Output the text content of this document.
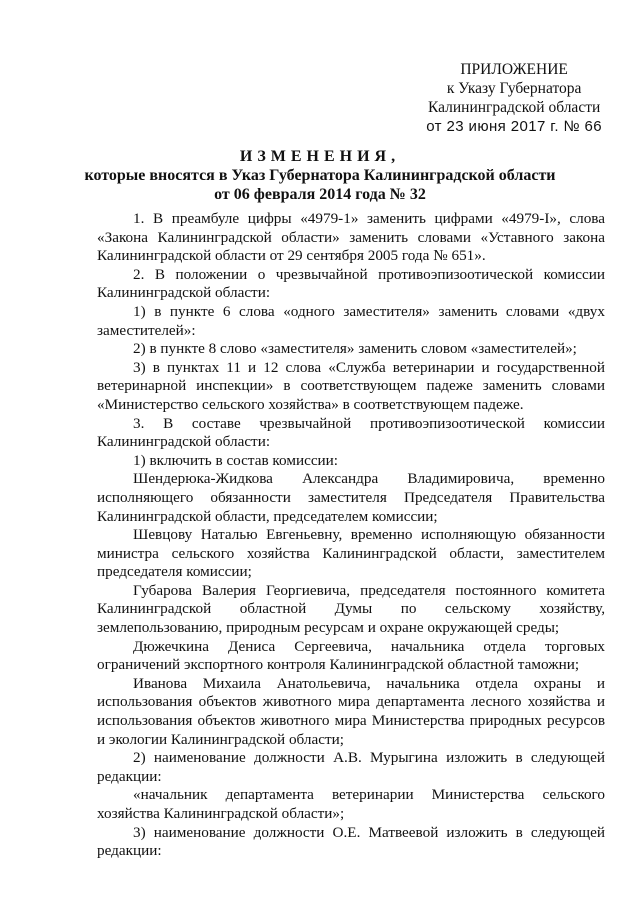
ПРИЛОЖЕНИЕ
к Указу Губернатора
Калининградской области
от 23 июня 2017 г. № 66
ИЗМЕНЕНИЯ,
которые вносятся в Указ Губернатора Калининградской области
от 06 февраля 2014 года № 32

1. В преамбуле цифры «4979-1» заменить цифрами «4979-I», слова «Закона Калининградской области» заменить словами «Уставного закона Калининградской области от 29 сентября 2005 года № 651».

2. В положении о чрезвычайной противоэпизоотической комиссии Калининградской области:

1) в пункте 6 слова «одного заместителя» заменить словами «двух заместителей»:

2) в пункте 8 слово «заместителя» заменить словом «заместителей»;

3) в пунктах 11 и 12 слова «Служба ветеринарии и государственной ветеринарной инспекции» в соответствующем падеже заменить словами «Министерство сельского хозяйства» в соответствующем падеже.

3. В составе чрезвычайной противоэпизоотической комиссии Калининградской области:

1) включить в состав комиссии:

Шендерюка-Жидкова Александра Владимировича, временно исполняющего обязанности заместителя Председателя Правительства Калининградской области, председателем комиссии;

Шевцову Наталью Евгеньевну, временно исполняющую обязанности министра сельского хозяйства Калининградской области, заместителем председателя комиссии;

Губарова Валерия Георгиевича, председателя постоянного комитета Калининградской областной Думы по сельскому хозяйству, землепользованию, природным ресурсам и охране окружающей среды;

Дюжечкина Дениса Сергеевича, начальника отдела торговых ограничений экспортного контроля Калининградской областной таможни;

Иванова Михаила Анатольевича, начальника отдела охраны и использования объектов животного мира департамента лесного хозяйства и использования объектов животного мира Министерства природных ресурсов и экологии Калининградской области;

2) наименование должности А.В. Мурыгина изложить в следующей редакции:

«начальник департамента ветеринарии Министерства сельского хозяйства Калининградской области»;

3) наименование должности О.Е. Матвеевой изложить в следующей редакции:
